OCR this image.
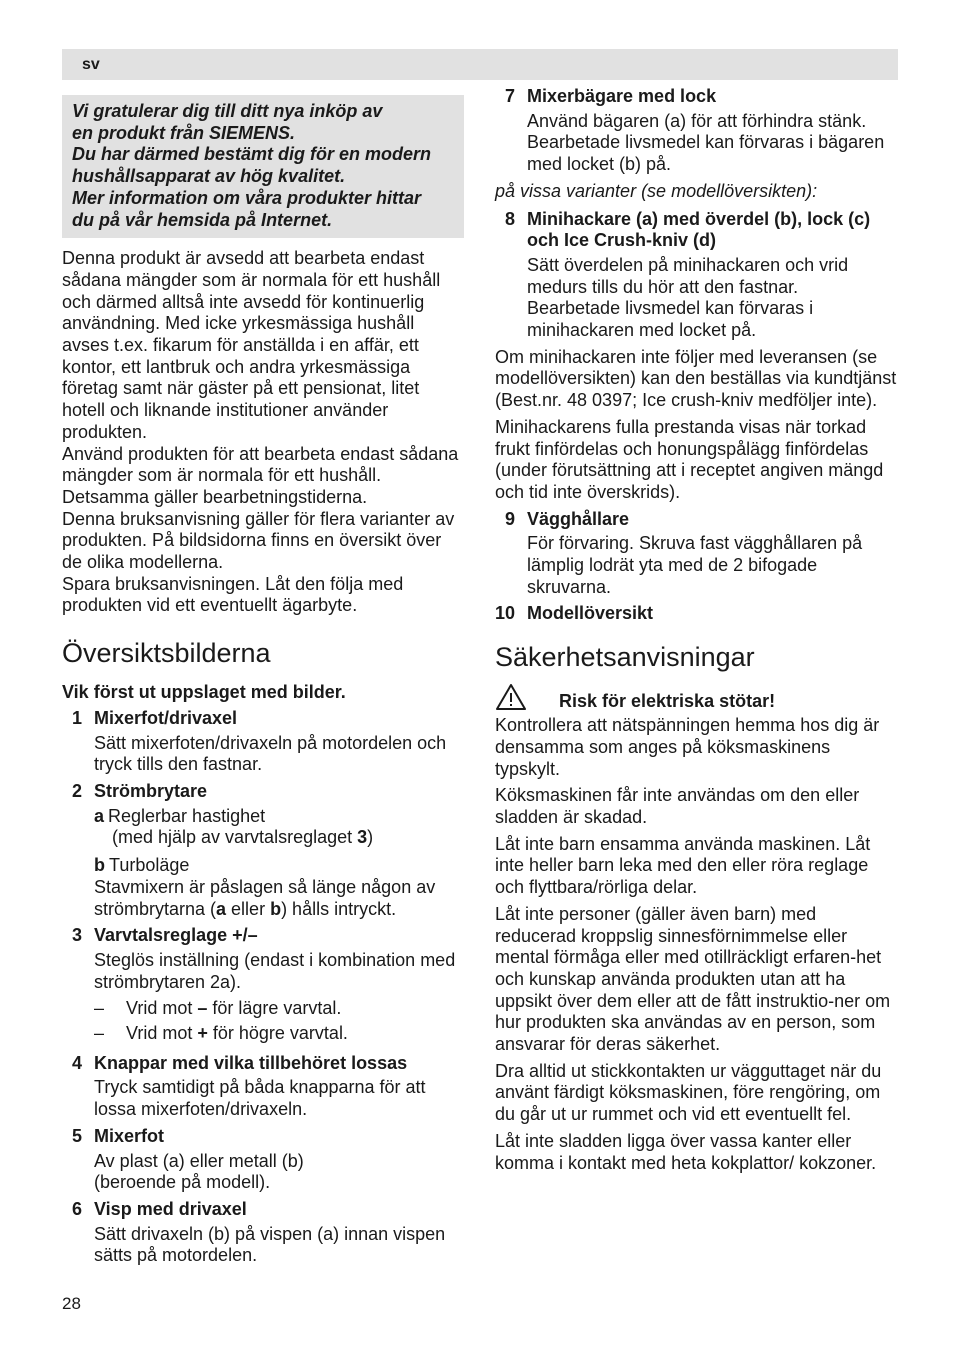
sv

Vi gratulerar dig till ditt nya inköp av

en produkt från SIEMENS.

Du har därmed bestämt dig för en modern

hushållsapparat av hög kvalitet.

Mer information om våra produkter hittar

du på vår hemsida på Internet.

Denna produkt är avsedd att bearbeta endast sådana mängder som är normala för ett hushåll och därmed alltså inte avsedd för kontinuerlig användning. Med icke yrkesmässiga hushåll avses t.ex. fikarum för anställda i en affär, ett kontor, ett lantbruk och andra yrkesmässiga företag samt när gäster på ett pensionat, litet hotell och liknande institutioner använder produkten.

Använd produkten för att bearbeta endast sådana mängder som är normala för ett hushåll. Detsamma gäller bearbetningstiderna.

Denna bruksanvisning gäller för flera varianter av produkten. På bildsidorna finns en översikt över de olika modellerna.

Spara bruksanvisningen. Låt den följa med produkten vid ett eventuellt ägarbyte.

Översiktsbilderna

Vik först ut uppslaget med bilder.

1 Mixerfot/drivaxel
Sätt mixerfoten/drivaxeln på motordelen och tryck tills den fastnar.
2 Strömbrytare
a Reglerbar hastighet
(med hjälp av varvtalsreglaget 3)
b Turboläge
Stavmixern är påslagen så länge någon av strömbrytarna (a eller b) hålls intryckt.
3 Varvtalsreglage +/–
Steglös inställning (endast i kombination med strömbrytaren 2a).
– Vrid mot – för lägre varvtal.
– Vrid mot + för högre varvtal.
4 Knappar med vilka tillbehöret lossas
Tryck samtidigt på båda knapparna för att lossa mixerfoten/drivaxeln.
5 Mixerfot
Av plast (a) eller metall (b) (beroende på modell).
6 Visp med drivaxel
Sätt drivaxeln (b) på vispen (a) innan vispen sätts på motordelen.
7 Mixerbägare med lock
Använd bägaren (a) för att förhindra stänk. Bearbetade livsmedel kan förvaras i bägaren med locket (b) på.

på vissa varianter (se modellöversikten):

8 Minihackare (a) med överdel (b), lock (c) och Ice Crush-kniv (d)
Sätt överdelen på minihackaren och vrid medurs tills du hör att den fastnar. Bearbetade livsmedel kan förvaras i minihackaren med locket på.

Om minihackaren inte följer med leveransen (se modellöversikten) kan den beställas via kundtjänst (Best.nr. 48 0397; Ice crush-kniv medföljer inte).

Minihackarens fulla prestanda visas när torkad frukt finfördelas och honungspålägg finfördelas (under förutsättning att i receptet angiven mängd och tid inte överskrids).

9 Vägghållare
För förvaring. Skruva fast vägghållaren på lämplig lodrät yta med de 2 bifogade skruvarna.
10 Modellöversikt
Säkerhetsanvisningar
Risk för elektriska stötar!

Kontrollera att nätspänningen hemma hos dig är densamma som anges på köksmaskinens typskylt.

Köksmaskinen får inte användas om den eller sladden är skadad.

Låt inte barn ensamma använda maskinen. Låt inte heller barn leka med den eller röra reglage och flyttbara/rörliga delar.

Låt inte personer (gäller även barn) med reducerad kroppslig sinnesförnimmelse eller mental förmåga eller med otillräckligt erfaren-het och kunskap använda produkten utan att ha uppsikt över dem eller att de fått instruktio-ner om hur produkten ska användas av en person, som ansvarar för deras säkerhet.

Dra alltid ut stickkontakten ur vägguttaget när du använt färdigt köksmaskinen, före rengöring, om du går ut ur rummet och vid ett eventuellt fel.

Låt inte sladden ligga över vassa kanter eller komma i kontakt med heta kokplattor/ kokzoner.

28
